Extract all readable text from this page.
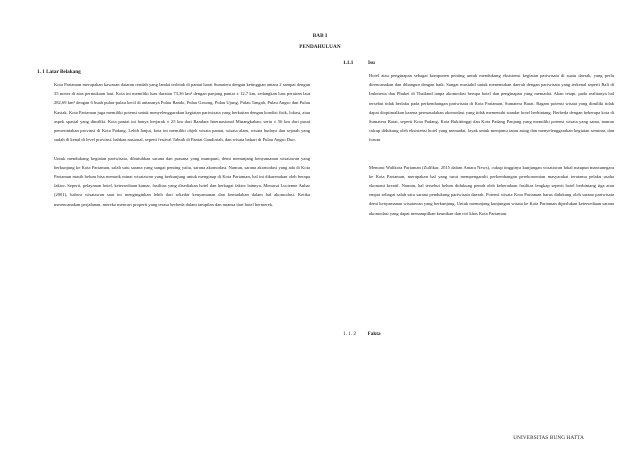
BAB I
PENDAHULUAN
1. 1 Latar Belakang

Kota Pariaman merupakan kawasan dataran rendah yang landai terletak di pantai barat Sumatera dengan ketinggian antara 2 sampai dengan 35 meter di atas permukaan laut. Kota ini memiliki luas daratan 73,36 km² dengan panjang pantai ± 12,7 km, sedangkan luas perairan laut 282,69 km² dengan 6 buah pulau-pulau kecil di antaranya Pulau Bando, Pulau Gosong, Pulau Ujung, Pulau Tangah, Pulau Angso dan Pulau Kasiak. Kota Pariaman juga memiliki potensi untuk menyelenggarakan kegiatan pariwisata yang berkaitan dengan kondisi fisik, lokasi, atau aspek spasial yang dimiliki. Kota pantai ini hanya berjarak ± 25 km dari Bandara Internasional Minangkabau, serta ± 56 km dari pusat pemerintahan provinsi di Kota Padang. Lebih lanjut, kota ini memiliki objek wisata pantai, wisata alam, wisata budaya dan sejarah yang sudah di kenal di level provinsi, bahkan nasional, seperti festival Tabuik di Pantai Gandoriah, dan wisata bahari di Pulau Angso Duo.

Untuk mendukung kegiatan pariwisata, dibutuhkan sarana dan prasana yang mumpuni, demi menunjang kenyamanan wisatawan yang berkunjung ke Kota Pariaman, salah satu sarana yang sangat penting yaitu, sarana akomodasi. Namun, sarana akomodasi yang ada di Kota Pariaman masih belum bisa menarik minat wisatawan yang berkunjung untuk menginap di Kota Pariaman, hal ini dikarenakan oleh berapa faktor. Seperti, pelayanan hotel, ketersediaan kamar, fasilitas yang disediakan hotel dan berbagai faktor lainnya. Menurut Lucienne Anhar (2001), bahwa wisatawan saat ini menginginkan lebih dari sekedar kenyamanan dan kemudahan dalam hal akomodasi. Ketika merencanakan perjalanan, mereka mencari properti yang terasa berbeda dalam tampilan dan nuansa dari hotel bermerek.

1.1.1	Isu

Hotel atau penginapan sebagai komponen penting untuk mendukung eksistensi kegiatan pariwisata di suatu daerah, yang perlu direncanakan dan dibangun dengan baik. Sangat mustahil untuk menemukan daerah dengan pariwisata yang terkenal seperti Bali di Indonesia dan Phuket di Thailand tanpa akomodasi berupa hotel dan penginapan yang memadai. Akan tetapi, pada realitanya hal tersebut tidak berlaku pada perkembangan pariwisata di Kota Pariaman, Sumatera Barat. Ragam potensi wisata yang dimiliki tidak dapat dioptimalkan karena permasalahan akomodasi yang tidak memenuhi standar hotel berbintang. Berbeda dengan beberapa kota di Sumatera Barat, seperti Kota Padang, Kota Bukittinggi dan Kota Padang Panjang yang memiliki potensi wisata yang sama, namun cukup didukung oleh eksistensi hotel yang memadai, layak untuk menjamu tamu asing dan menyelenggarakan kegiatan seminar, dan forum.

Menurut Walikota Pariaman (Zulfikar, 2015 dalam Antara News), cukup tingginya kunjungan wisatawan lokal maupun mancanegara ke Kota Pariaman, merupakan hal yang turut mempengaruhi perkembangan perekonomian masyarakat terutama pelaku usaha ekonomi kreatif. Namun, hal tersebut belum didukung penuh oleh keberadaan fasilitas lengkap seperti hotel berbintang tiga atau empat sebagai salah satu sarana pendukung pariwisata daerah. Potensi wisata Kota Pariaman harus didukung oleh sarana pariwisata demi kenyamanan wisatawan yang berkunjung. Untuk menunjang kunjungan wisata ke Kota Pariaman diperlukan ketersediaan sarana akomodasi yang dapat menampilkan keunikan dan ciri khas Kota Pariaman.

1. 1. 2 Fakta
UNIVERSITAS BUNG HATTA
